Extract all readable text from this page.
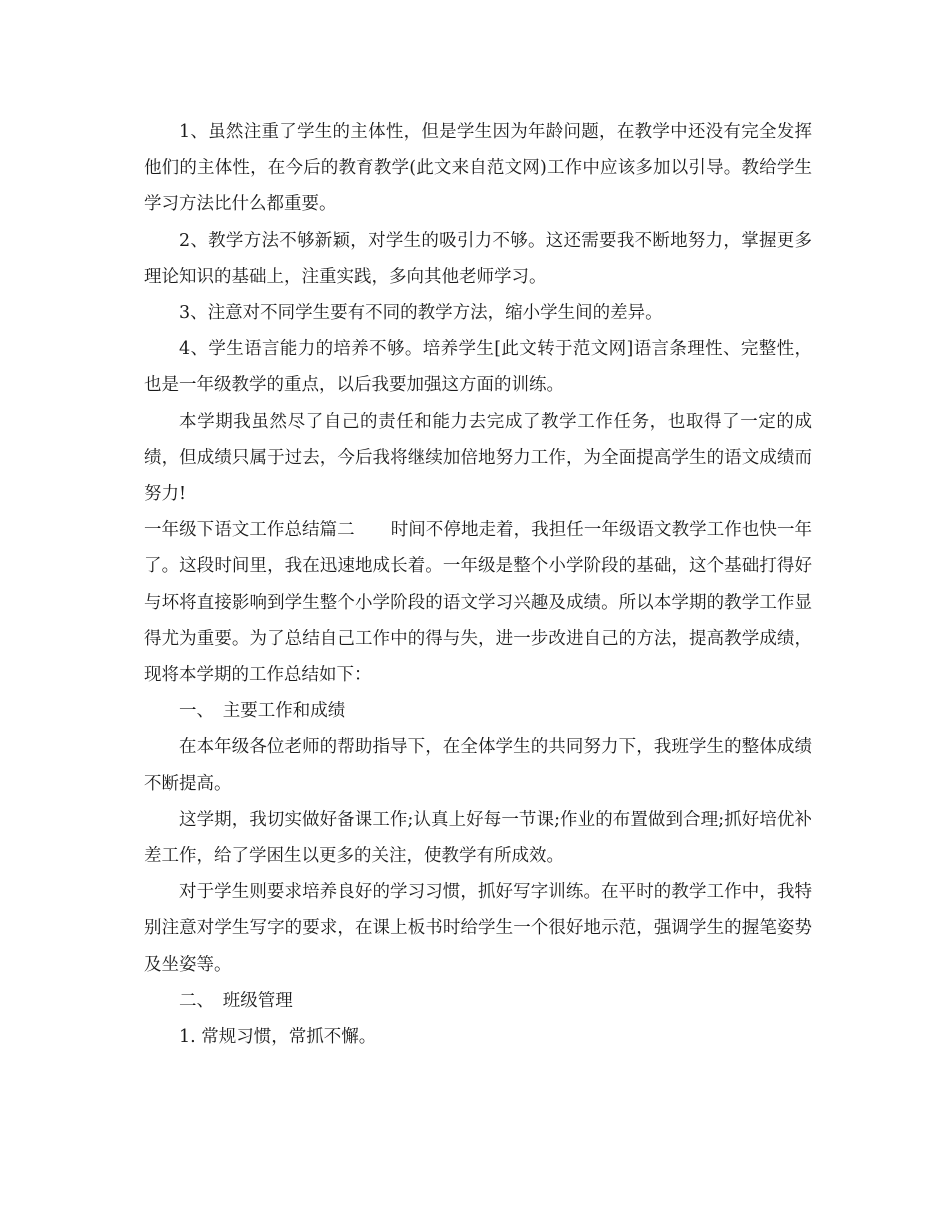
1、虽然注重了学生的主体性，但是学生因为年龄问题，在教学中还没有完全发挥他们的主体性，在今后的教育教学(此文来自范文网)工作中应该多加以引导。教给学生学习方法比什么都重要。

2、教学方法不够新颖，对学生的吸引力不够。这还需要我不断地努力，掌握更多理论知识的基础上，注重实践，多向其他老师学习。

3、注意对不同学生要有不同的教学方法，缩小学生间的差异。

4、学生语言能力的培养不够。培养学生[此文转于范文网]语言条理性、完整性，也是一年级教学的重点，以后我要加强这方面的训练。

本学期我虽然尽了自己的责任和能力去完成了教学工作任务，也取得了一定的成绩，但成绩只属于过去，今后我将继续加倍地努力工作，为全面提高学生的语文成绩而努力!

一年级下语文工作总结篇二 时间不停地走着，我担任一年级语文教学工作也快一年了。这段时间里，我在迅速地成长着。一年级是整个小学阶段的基础，这个基础打得好与坏将直接影响到学生整个小学阶段的语文学习兴趣及成绩。所以本学期的教学工作显得尤为重要。为了总结自己工作中的得与失，进一步改进自己的方法，提高教学成绩，现将本学期的工作总结如下：

一、　主要工作和成绩

在本年级各位老师的帮助指导下，在全体学生的共同努力下，我班学生的整体成绩不断提高。

这学期，我切实做好备课工作;认真上好每一节课;作业的布置做到合理;抓好培优补差工作，给了学困生以更多的关注，使教学有所成效。

对于学生则要求培养良好的学习习惯，抓好写字训练。在平时的教学工作中，我特别注意对学生写字的要求，在课上板书时给学生一个很好地示范，强调学生的握笔姿势及坐姿等。

二、　班级管理

1. 常规习惯，常抓不懈。
